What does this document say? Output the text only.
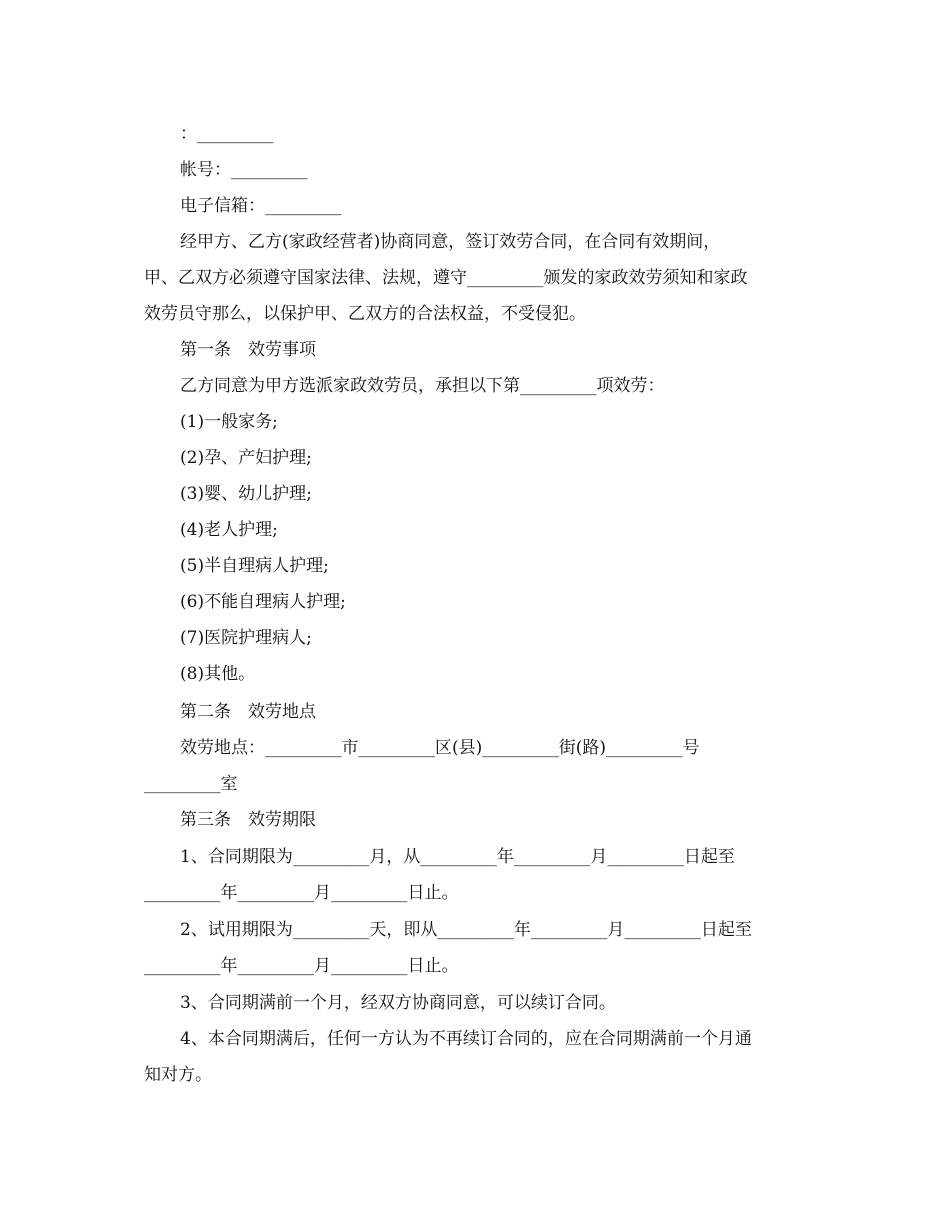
：_________
帐号：_________
电子信箱：_________
经甲方、乙方(家政经营者)协商同意，签订效劳合同，在合同有效期间，
甲、乙双方必须遵守国家法律、法规，遵守_________颁发的家政效劳须知和家政
效劳员守那么，以保护甲、乙双方的合法权益，不受侵犯。
第一条　效劳事项
乙方同意为甲方选派家政效劳员，承担以下第_________项效劳：
(1)一般家务;
(2)孕、产妇护理;
(3)婴、幼儿护理;
(4)老人护理;
(5)半自理病人护理;
(6)不能自理病人护理;
(7)医院护理病人;
(8)其他。
第二条　效劳地点
效劳地点：_________市_________区(县)_________街(路)_________号
_________室
第三条　效劳期限
1、合同期限为_________月，从_________年_________月_________日起至
_________年_________月_________日止。
2、试用期限为_________天，即从_________年_________月_________日起至
_________年_________月_________日止。
3、合同期满前一个月，经双方协商同意，可以续订合同。
4、本合同期满后，任何一方认为不再续订合同的，应在合同期满前一个月通
知对方。
